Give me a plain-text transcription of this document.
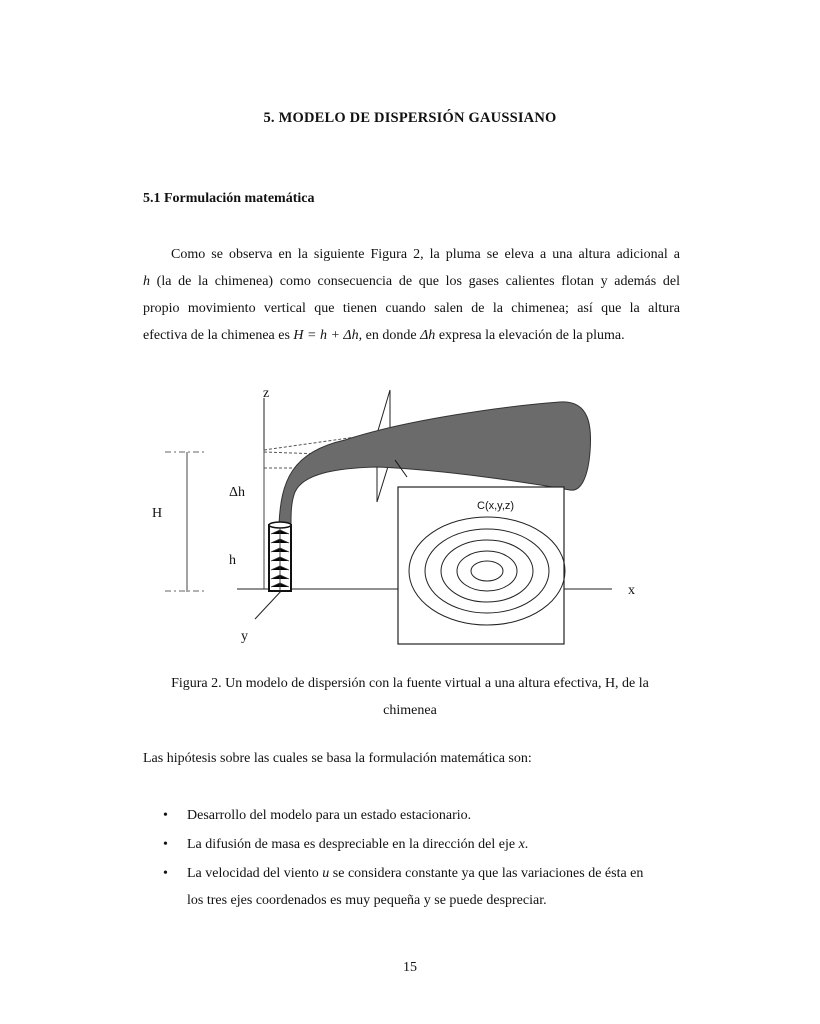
5. MODELO DE DISPERSIÓN GAUSSIANO
5.1 Formulación matemática
Como se observa en la siguiente Figura 2, la pluma se eleva a una altura adicional a
h (la de la chimenea) como consecuencia de que los gases calientes flotan y además del
propio movimiento vertical que tienen cuando salen de la chimenea; así que la altura
efectiva de la chimenea es H = h + Δh, en donde Δh expresa la elevación de la pluma.
z
x
y
H
h
Δh
C(x,y,z)
Figura 2. Un modelo de dispersión con la fuente virtual a una altura efectiva, H, de la
chimenea
Las hipótesis sobre las cuales se basa la formulación matemática son:
• Desarrollo del modelo para un estado estacionario.
• La difusión de masa es despreciable en la dirección del eje x.
• La velocidad del viento u se considera constante ya que las variaciones de ésta en
los tres ejes coordenados es muy pequeña y se puede despreciar.
15
